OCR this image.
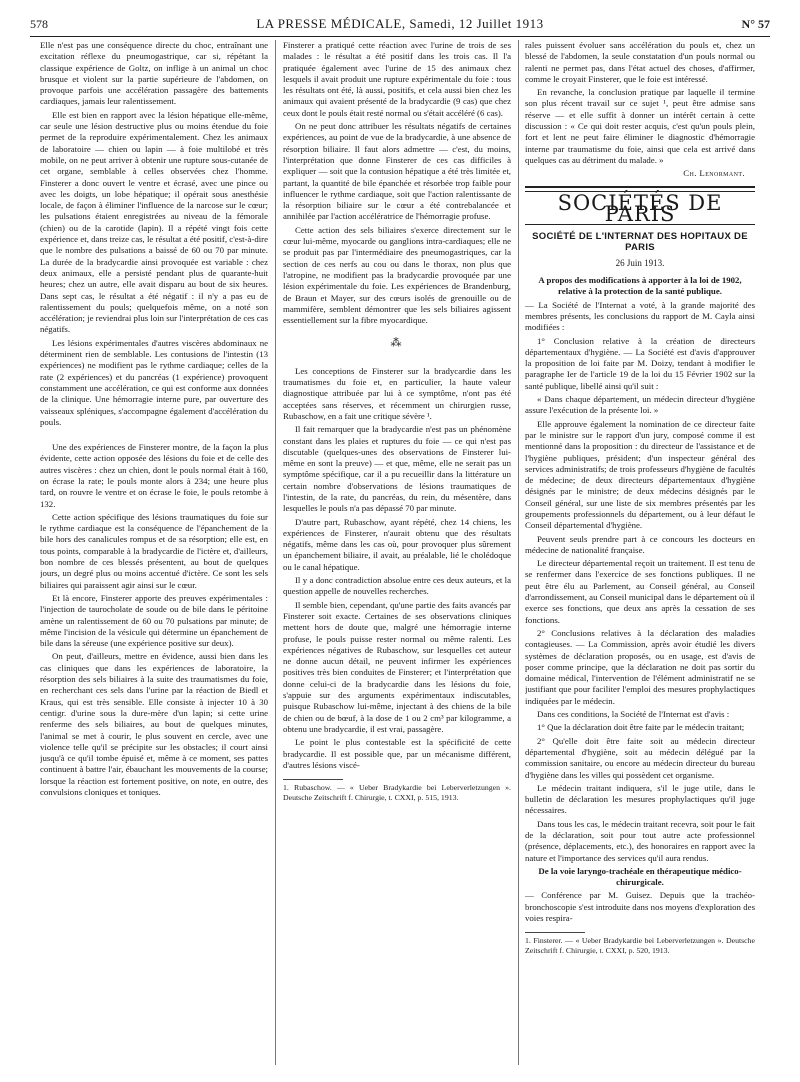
578	LA PRESSE MÉDICALE, Samedi, 12 Juillet 1913	N° 57

Elle n'est pas une conséquence directe du choc, entraînant une excitation réflexe du pneumogastrique, car si, répétant la classique expérience de Goltz, on inflige à un animal un choc brusque et violent sur la partie supérieure de l'abdomen, on provoque parfois une accélération passagère des battements cardiaques, jamais leur ralentissement.

Elle est bien en rapport avec la lésion hépatique elle-même, car seule une lésion destructive plus ou moins étendue du foie permet de la reproduire expérimentalement. Chez les animaux de laboratoire — chien ou lapin — à foie multilobé et très mobile, on ne peut arriver à obtenir une rupture sous-cutanée de cet organe, semblable à celles observées chez l'homme. Finsterer a donc ouvert le ventre et écrasé, avec une pince ou avec les doigts, un lobe hépatique; il opérait sous anesthésie locale, de façon à éliminer l'influence de la narcose sur le cœur; les pulsations étaient enregistrées au niveau de la fémorale (chien) ou de la carotide (lapin). Il a répété vingt fois cette expérience et, dans treize cas, le résultat a été positif, c'est-à-dire que le nombre des pulsations a baissé de 60 ou 70 par minute. La durée de la bradycardie ainsi provoquée est variable : chez deux animaux, elle a persisté pendant plus de quarante-huit heures; chez un autre, elle avait disparu au bout de six heures. Dans sept cas, le résultat a été négatif : il n'y a pas eu de ralentissement du pouls; quelquefois même, on a noté son accélération; je reviendrai plus loin sur l'interprétation de ces cas négatifs.

Les lésions expérimentales d'autres viscères abdominaux ne déterminent rien de semblable. Les contusions de l'intestin (13 expériences) ne modifient pas le rythme cardiaque; celles de la rate (2 expériences) et du pancréas (1 expérience) provoquent constamment une accélération, ce qui est conforme aux données de la clinique. Une hémorragie interne pure, par ouverture des vaisseaux spléniques, s'accompagne également d'accélération du pouls.

Une des expériences de Finsterer montre, de la façon la plus évidente, cette action opposée des lésions du foie et de celle des autres viscères : chez un chien, dont le pouls normal était à 160, on écrase la rate; le pouls monte alors à 234; une heure plus tard, on rouvre le ventre et on écrase le foie, le pouls retombe à 132.

Cette action spécifique des lésions traumatiques du foie sur le rythme cardiaque est la conséquence de l'épanchement de la bile hors des canalicules rompus et de sa résorption; elle est, en tous points, comparable à la bradycardie de l'ictère et, d'ailleurs, bon nombre de ces blessés présentent, au bout de quelques jours, un degré plus ou moins accentué d'ictère. Ce sont les sels biliaires qui paraissent agir ainsi sur le cœur.

Et là encore, Finsterer apporte des preuves expérimentales : l'injection de taurocholate de soude ou de bile dans le péritoine amène un ralentissement de 60 ou 70 pulsations par minute; de même l'incision de la vésicule qui détermine un épanchement de bile dans la séreuse (une expérience positive sur deux).

On peut, d'ailleurs, mettre en évidence, aussi bien dans les cas cliniques que dans les expériences de laboratoire, la résorption des sels biliaires à la suite des traumatismes du foie, en recherchant ces sels dans l'urine par la réaction de Biedl et Kraus, qui est très sensible. Elle consiste à injecter 10 à 30 centigr. d'urine sous la dure-mère d'un lapin; si cette urine renferme des sels biliaires, au bout de quelques minutes, l'animal se met à courir, le plus souvent en cercle, avec une violence telle qu'il se précipite sur les obstacles; il court ainsi jusqu'à ce qu'il tombe épuisé et, même à ce moment, ses pattes continuent à battre l'air, ébauchant les mouvements de la course; lorsque la réaction est fortement positive, on note, en outre, des convulsions cloniques et toniques.

Finsterer a pratiqué cette réaction avec l'urine de trois de ses malades : le résultat a été positif dans les trois cas. Il l'a pratiquée également avec l'urine de 15 des animaux chez lesquels il avait produit une rupture expérimentale du foie : tous les résultats ont été, là aussi, positifs, et cela aussi bien chez les animaux qui avaient présenté de la bradycardie (9 cas) que chez ceux dont le pouls était resté normal ou s'était accéléré (6 cas).

On ne peut donc attribuer les résultats négatifs de certaines expériences, au point de vue de la bradycardie, à une absence de résorption biliaire. Il faut alors admettre — c'est, du moins, l'interprétation que donne Finsterer de ces cas difficiles à expliquer — soit que la contusion hépatique a été très limitée et, partant, la quantité de bile épanchée et résorbée trop faible pour influencer le rythme cardiaque, soit que l'action ralentissante de la résorption biliaire sur le cœur a été contrebalancée et annihilée par l'action accélératrice de l'hémorragie profuse.

Cette action des sels biliaires s'exerce directement sur le cœur lui-même, myocarde ou ganglions intra-cardiaques; elle ne se produit pas par l'intermédiaire des pneumogastriques, car la section de ces nerfs au cou ou dans le thorax, non plus que l'atropine, ne modifient pas la bradycardie provoquée par une lésion expérimentale du foie. Les expériences de Brandenburg, de Braun et Mayer, sur des cœurs isolés de grenouille ou de mammifère, semblent démontrer que les sels biliaires agissent essentiellement sur la fibre myocardique.

⁂

Les conceptions de Finsterer sur la bradycardie dans les traumatismes du foie et, en particulier, la haute valeur diagnostique attribuée par lui à ce symptôme, n'ont pas été acceptées sans réserves, et récemment un chirurgien russe, Rubaschow, en a fait une critique sévère ¹.

Il fait remarquer que la bradycardie n'est pas un phénomène constant dans les plaies et ruptures du foie — ce qui n'est pas discutable (quelques-unes des observations de Finsterer lui-même en sont la preuve) — et que, même, elle ne serait pas un symptôme spécifique, car il a pu recueillir dans la littérature un certain nombre d'observations de lésions traumatiques de l'intestin, de la rate, du pancréas, du rein, du mésentère, dans lesquelles le pouls n'a pas dépassé 70 par minute.

D'autre part, Rubaschow, ayant répété, chez 14 chiens, les expériences de Finsterer, n'aurait obtenu que des résultats négatifs, même dans les cas où, pour provoquer plus sûrement un épanchement biliaire, il avait, au préalable, lié le cholédoque ou le canal hépatique.

Il y a donc contradiction absolue entre ces deux auteurs, et la question appelle de nouvelles recherches.

Il semble bien, cependant, qu'une partie des faits avancés par Finsterer soit exacte. Certaines de ses observations cliniques mettent hors de doute que, malgré une hémorragie interne profuse, le pouls puisse rester normal ou même ralenti. Les expériences négatives de Rubaschow, sur lesquelles cet auteur ne donne aucun détail, ne peuvent infirmer les expériences positives très bien conduites de Finsterer; et l'interprétation que donne celui-ci de la bradycardie dans les lésions du foie, s'appuie sur des arguments expérimentaux indiscutables, puisque Rubaschow lui-même, injectant à des chiens de la bile de chien ou de bœuf, à la dose de 1 ou 2 cm³ par kilogramme, a obtenu une bradycardie, il est vrai, passagère.

Le point le plus contestable est la spécificité de cette bradycardie. Il est possible que, par un mécanisme différent, d'autres lésions viscé-

1. Rubaschow. — « Ueber Bradykardie bei Leberverletzungen ». Deutsche Zeitschrift f. Chirurgie, t. CXXI, p. 515, 1913.

rales puissent évoluer sans accélération du pouls et, chez un blessé de l'abdomen, la seule constatation d'un pouls normal ou ralenti ne permet pas, dans l'état actuel des choses, d'affirmer, comme le croyait Finsterer, que le foie est intéressé.

En revanche, la conclusion pratique par laquelle il termine son plus récent travail sur ce sujet ¹, peut être admise sans réserve — et elle suffit à donner un intérêt certain à cette discussion : « Ce qui doit rester acquis, c'est qu'un pouls plein, fort et lent ne peut faire éliminer le diagnostic d'hémorragie interne par traumatisme du foie, ainsi que cela est arrivé dans quelques cas au détriment du malade. »

Ch. Lenormant.
SOCIÉTÉS DE PARIS
SOCIÉTÉ DE L'INTERNAT DES HOPITAUX DE PARIS
26 Juin 1913.

A propos des modifications à apporter à la loi de 1902, relative à la protection de la santé publique.

— La Société de l'Internat a voté, à la grande majorité des membres présents, les conclusions du rapport de M. Cayla ainsi modifiées :

1° Conclusion relative à la création de directeurs départementaux d'hygiène. — La Société est d'avis d'approuver la proposition de loi faite par M. Doizy, tendant à modifier le paragraphe Ier de l'article 19 de la loi du 15 Février 1902 sur la santé publique, libellé ainsi qu'il suit :

« Dans chaque département, un médecin directeur d'hygiène assure l'exécution de la présente loi. »

Elle approuve également la nomination de ce directeur faite par le ministre sur le rapport d'un jury, composé comme il est mentionné dans la proposition : du directeur de l'assistance et de l'hygiène publiques, président; d'un inspecteur général des services administratifs; de trois professeurs d'hygiène de facultés de médecine; de deux directeurs départementaux d'hygiène désignés par le ministre; de deux médecins désignés par le Conseil général, sur une liste de six membres présentés par les groupements professionnels du département, ou à leur défaut le Conseil départemental d'hygiène.

Peuvent seuls prendre part à ce concours les docteurs en médecine de nationalité française.

Le directeur départemental reçoit un traitement. Il est tenu de se renfermer dans l'exercice de ses fonctions publiques. Il ne peut être élu au Parlement, au Conseil général, au Conseil d'arrondissement, au Conseil municipal dans le département où il exerce ses fonctions, que deux ans après la cessation de ses fonctions.

2° Conclusions relatives à la déclaration des maladies contagieuses. — La Commission, après avoir étudié les divers systèmes de déclaration proposés, ou en usage, est d'avis de poser comme principe, que la déclaration ne doit pas sortir du domaine médical, l'intervention de l'élément administratif ne se justifiant que pour faciliter l'emploi des mesures prophylactiques indiquées par le médecin.

Dans ces conditions, la Société de l'Internat est d'avis :

1° Que la déclaration doit être faite par le médecin traitant;

2° Qu'elle doit être faite soit au médecin directeur départemental d'hygiène, soit au médecin délégué par la commission sanitaire, ou encore au médecin directeur du bureau d'hygiène dans les villes qui possèdent cet organisme.

Le médecin traitant indiquera, s'il le juge utile, dans le bulletin de déclaration les mesures prophylactiques qu'il juge nécessaires.

Dans tous les cas, le médecin traitant recevra, soit pour le fait de la déclaration, soit pour tout autre acte professionnel (présence, déplacements, etc.), des honoraires en rapport avec la nature et l'importance des services qu'il aura rendus.

De la voie laryngo-trachéale en thérapeutique médico-chirurgicale.

— Conférence par M. Guisez. Depuis que la trachéo-bronchoscopie s'est introduite dans nos moyens d'exploration des voies respira-

1. Finsterer. — « Ueber Bradykardie bei Leberverletzungen ». Deutsche Zeitschrift f. Chirurgie, t. CXXI, p. 520, 1913.
